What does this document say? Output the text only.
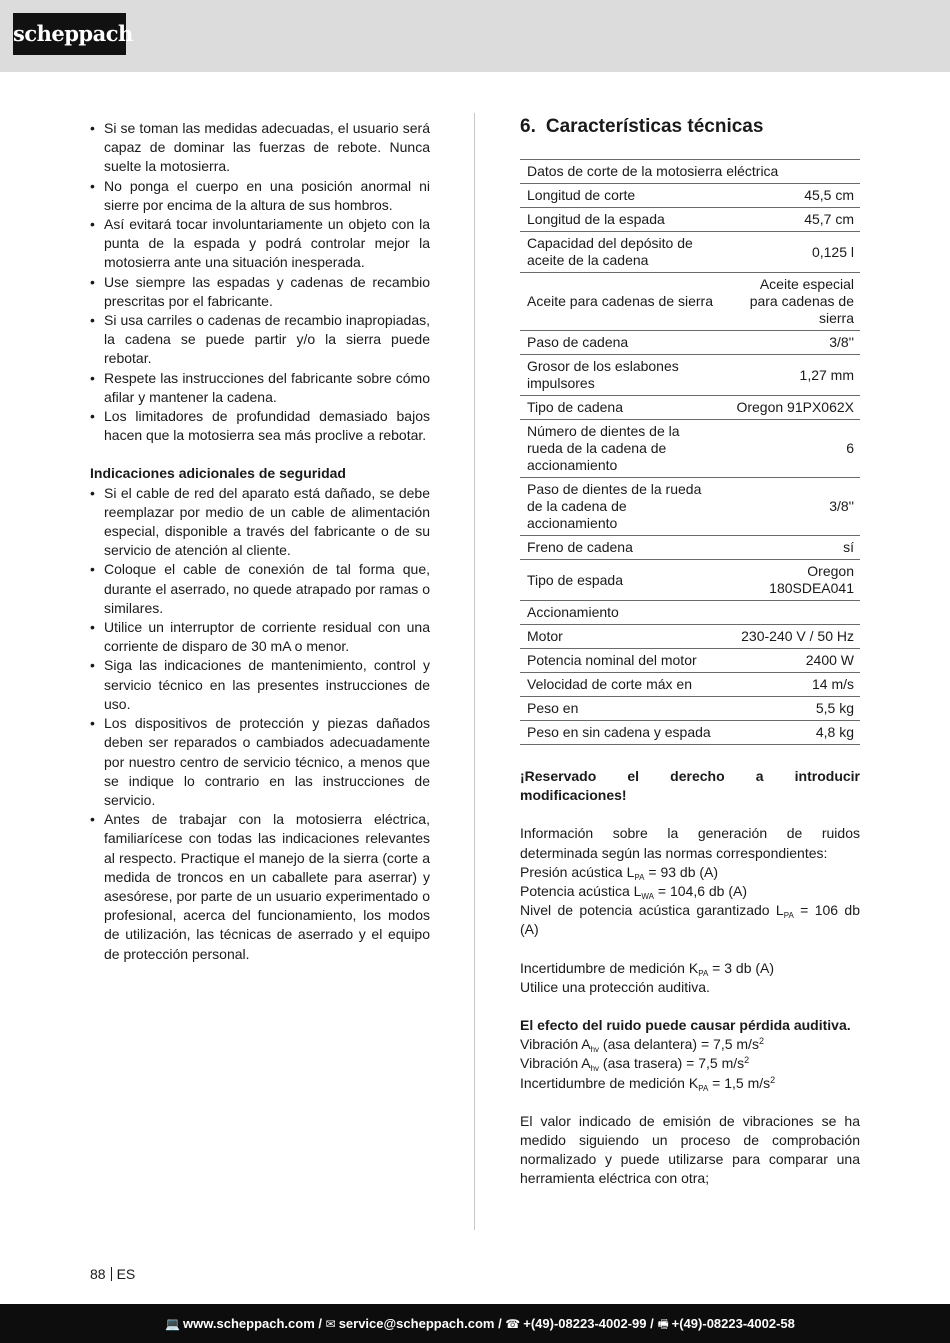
scheppach
• Si se toman las medidas adecuadas, el usuario será capaz de dominar las fuerzas de rebote. Nunca suelte la motosierra.
• No ponga el cuerpo en una posición anormal ni sierre por encima de la altura de sus hombros.
• Así evitará tocar involuntariamente un objeto con la punta de la espada y podrá controlar mejor la motosierra ante una situación inesperada.
• Use siempre las espadas y cadenas de recambio prescritas por el fabricante.
• Si usa carriles o cadenas de recambio inapropiadas, la cadena se puede partir y/o la sierra puede rebotar.
• Respete las instrucciones del fabricante sobre cómo afilar y mantener la cadena.
• Los limitadores de profundidad demasiado bajos hacen que la motosierra sea más proclive a rebotar.
Indicaciones adicionales de seguridad
• Si el cable de red del aparato está dañado, se debe reemplazar por medio de un cable de alimentación especial, disponible a través del fabricante o de su servicio de atención al cliente.
• Coloque el cable de conexión de tal forma que, durante el aserrado, no quede atrapado por ramas o similares.
• Utilice un interruptor de corriente residual con una corriente de disparo de 30 mA o menor.
• Siga las indicaciones de mantenimiento, control y servicio técnico en las presentes instrucciones de uso.
• Los dispositivos de protección y piezas dañados deben ser reparados o cambiados adecuadamente por nuestro centro de servicio técnico, a menos que se indique lo contrario en las instrucciones de servicio.
• Antes de trabajar con la motosierra eléctrica, familiarícese con todas las indicaciones relevantes al respecto. Practique el manejo de la sierra (corte a medida de troncos en un caballete para aserrar) y asesórese, por parte de un usuario experimentado o profesional, acerca del funcionamiento, los modos de utilización, las técnicas de aserrado y el equipo de protección personal.
6. Características técnicas
Datos de corte de la motosierra eléctrica	
Longitud de corte	45,5 cm
Longitud de la espada	45,7 cm
Capacidad del depósito de aceite de la cadena	0,125 l
Aceite para cadenas de sierra	Aceite especial para cadenas de sierra
Paso de cadena	3/8''
Grosor de los eslabones impulsores	1,27 mm
Tipo de cadena	Oregon 91PX062X
Número de dientes de la rueda de la cadena de accionamiento	6
Paso de dientes de la rueda de la cadena de accionamiento	3/8''
Freno de cadena	sí
Tipo de espada	Oregon 180SDEA041
Accionamiento	
Motor	230-240 V / 50 Hz
Potencia nominal del motor	2400 W
Velocidad de corte máx en	14 m/s
Peso en	5,5 kg
Peso en sin cadena y espada	4,8 kg
¡Reservado el derecho a introducir modificaciones!
Información sobre la generación de ruidos determinada según las normas correspondientes:
Presión acústica $L_{PA} = 93$ db (A)
Potencia acústica $L_{WA} = 104,6$ db (A)
Nivel de potencia acústica garantizado $L_{PA} = 106$ db (A)
Incertidumbre de medición $K_{PA} = 3$ db (A)
Utilice una protección auditiva.
El efecto del ruido puede causar pérdida auditiva.
Vibración $A_{hv}$ (asa delantera) = 7,5 $m/s^2$
Vibración $A_{hv}$ (asa trasera) = 7,5 $m/s^2$
Incertidumbre de medición $K_{PA} = 1,5$ $m/s^2$
El valor indicado de emisión de vibraciones se ha medido siguiendo un proceso de comprobación normalizado y puede utilizarse para comparar una herramienta eléctrica con otra;
88 ES
💻 www.scheppach.com / ✉ service@scheppach.com / ☎ +(49)-08223-4002-99 / 🖷 +(49)-08223-4002-58
